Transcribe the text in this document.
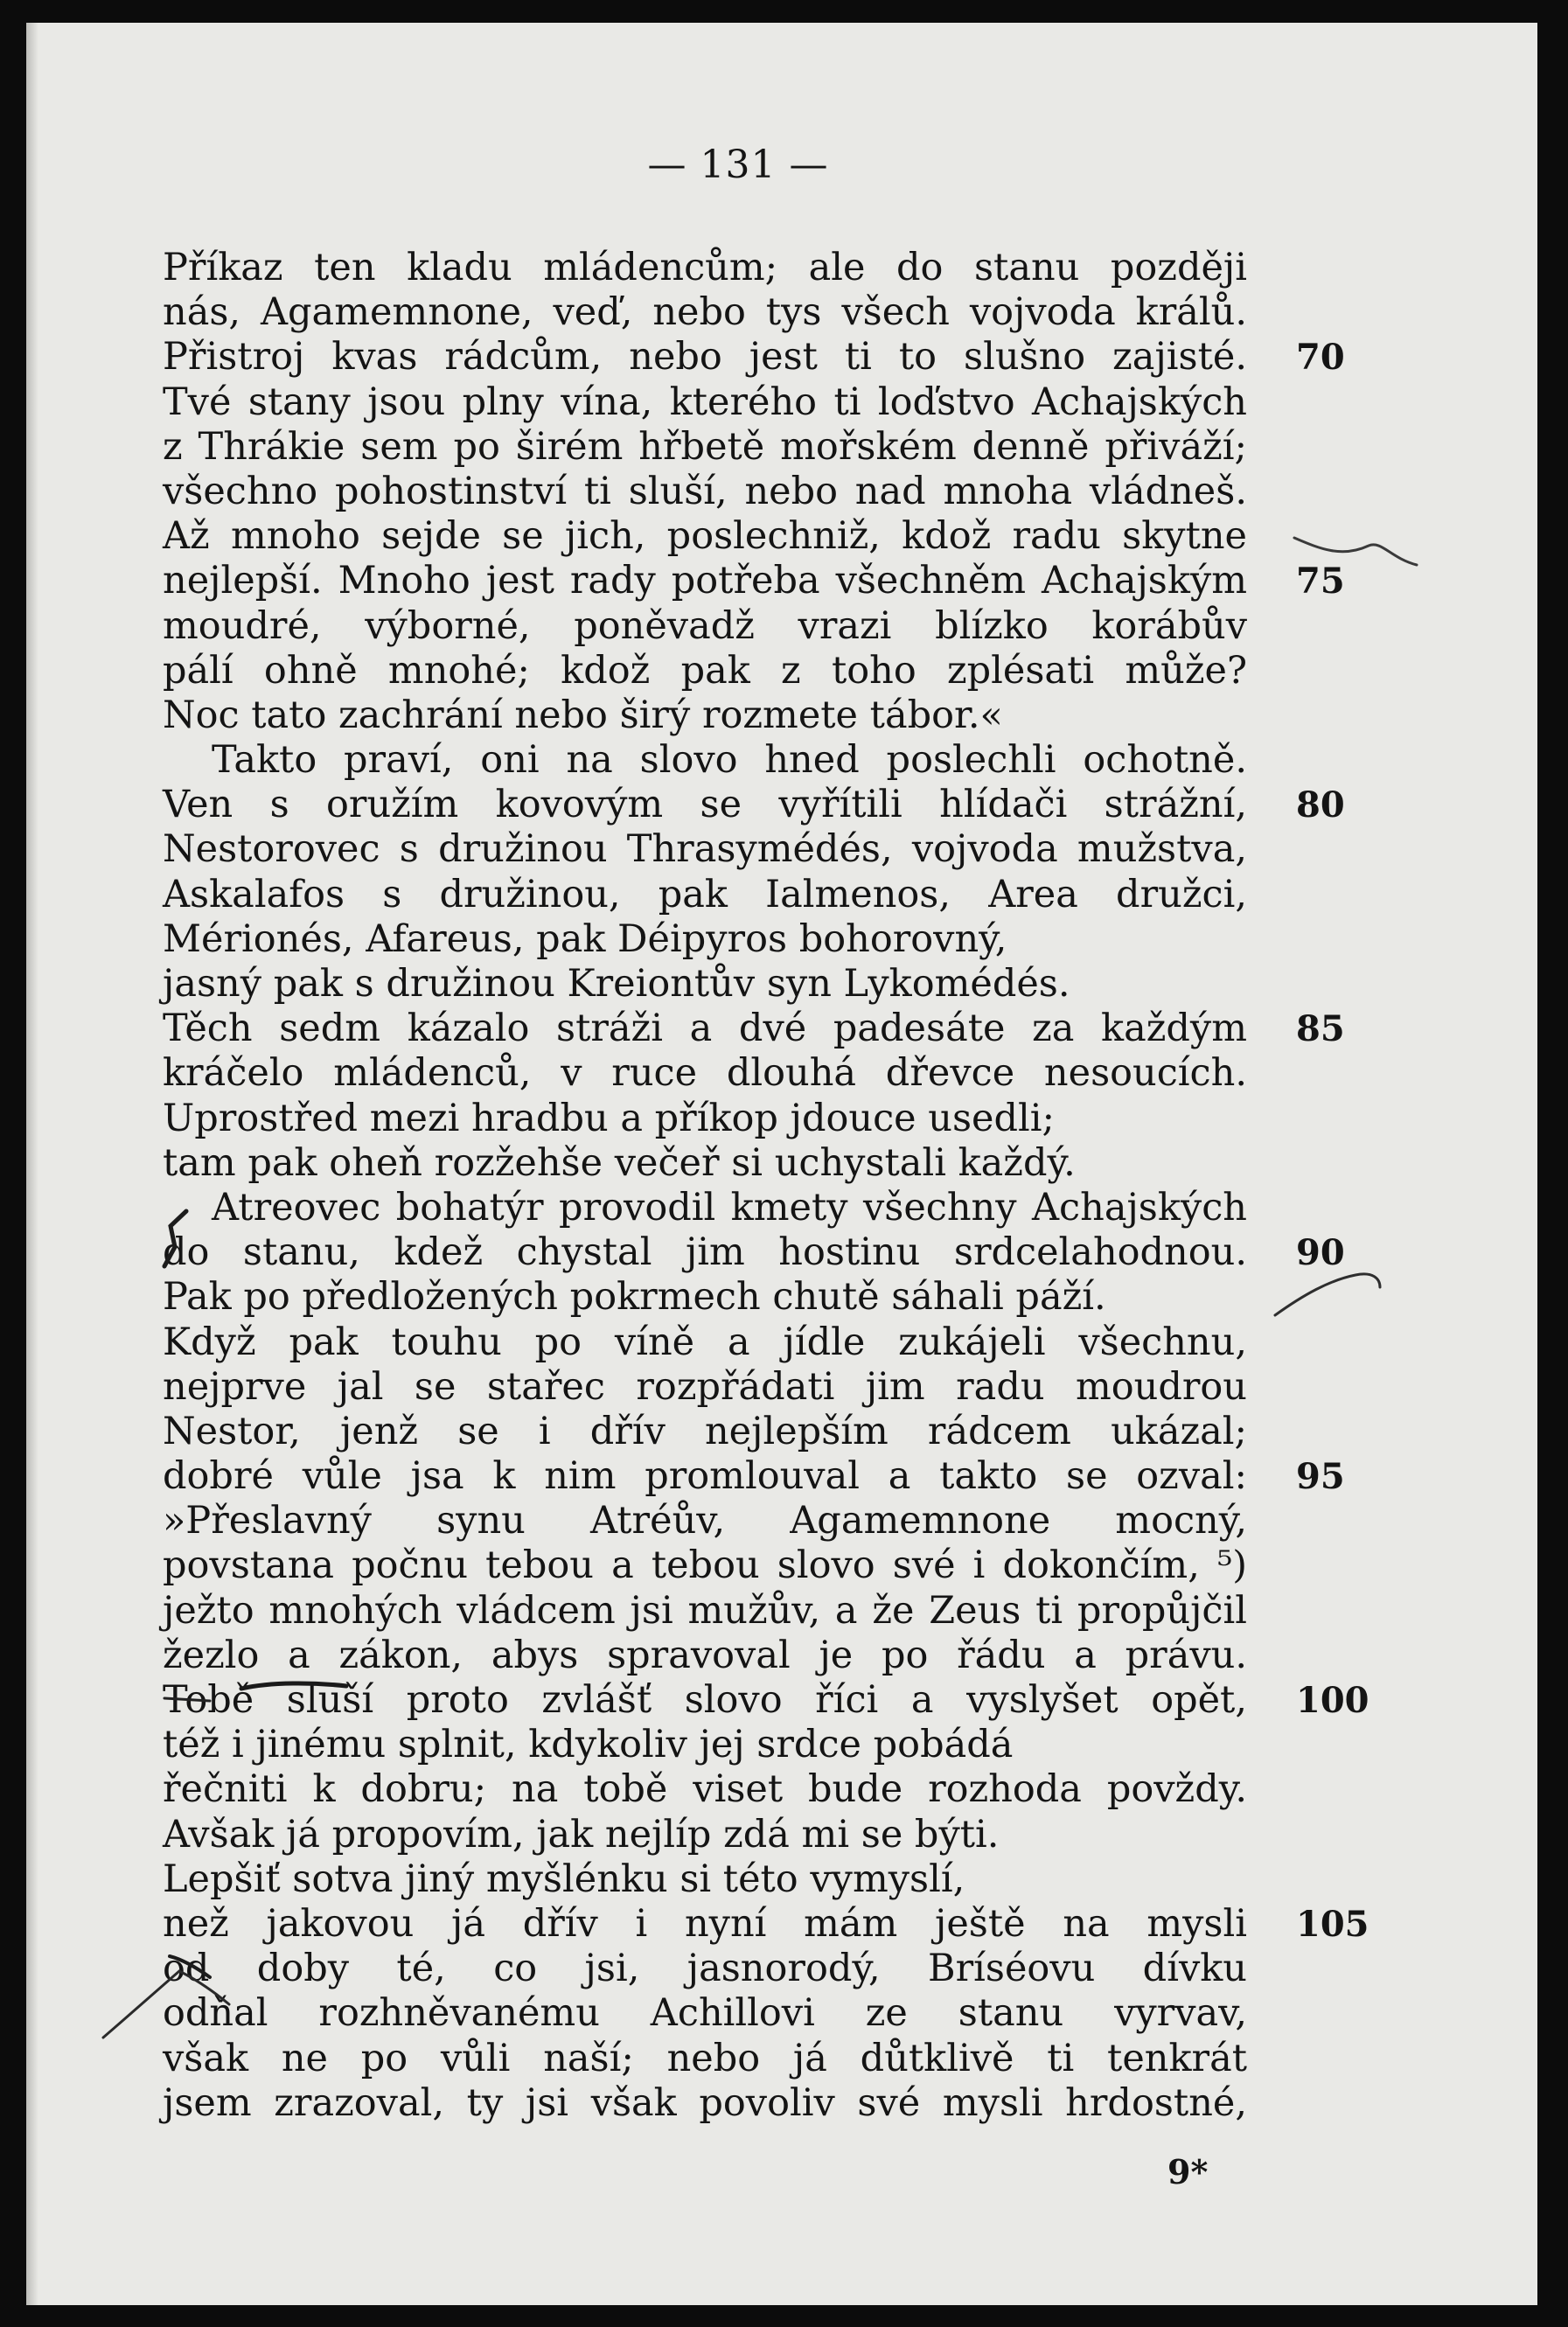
— 131 —
Příkaz ten kladu mládencům; ale do stanu později
nás, Agamemnone, veď, nebo tys všech vojvoda králů.
Přistroj kvas rádcům, nebo jest ti to slušno zajisté. 70
Tvé stany jsou plny vína, kterého ti loďstvo Achajských
z Thrákie sem po širém hřbetě mořském denně přiváží;
všechno pohostinství ti sluší, nebo nad mnoha vládneš.
Až mnoho sejde se jich, poslechniž, kdož radu skytne
nejlepší. Mnoho jest rady potřeba všechněm Achajským 75
moudré, výborné, poněvadž vrazi blízko korábův
pálí ohně mnohé; kdož pak z toho zplésati může?
Noc tato zachrání nebo širý rozmete tábor.«
Takto praví, oni na slovo hned poslechli ochotně.
Ven s oružím kovovým se vyřítili hlídači strážní, 80
Nestorovec s družinou Thrasymédés, vojvoda mužstva,
Askalafos s družinou, pak Ialmenos, Area družci,
Mérionés, Afareus, pak Déipyros bohorovný,
jasný pak s družinou Kreiontův syn Lykomédés.
Těch sedm kázalo stráži a dvé padesáte za každým 85
kráčelo mládenců, v ruce dlouhá dřevce nesoucích.
Uprostřed mezi hradbu a příkop jdouce usedli;
tam pak oheň rozžehše večeř si uchystali každý.
Atreovec bohatýr provodil kmety všechny Achajských
do stanu, kdež chystal jim hostinu srdcelahodnou. 90
Pak po předložených pokrmech chutě sáhali páží.
Když pak touhu po víně a jídle zukájeli všechnu,
nejprve jal se stařec rozpřádati jim radu moudrou
Nestor, jenž se i dřív nejlepším rádcem ukázal;
dobré vůle jsa k nim promlouval a takto se ozval: 95
»Přeslavný synu Atréův, Agamemnone mocný,
povstana počnu tebou a tebou slovo své i dokončím, ⁵)
ježto mnohých vládcem jsi mužův, a že Zeus ti propůjčil
žezlo a zákon, abys spravoval je po řádu a právu.
Tobě sluší proto zvlášť slovo říci a vyslyšet opět, 100
též i jinému splnit, kdykoliv jej srdce pobádá
řečniti k dobru; na tobě viset bude rozhoda povždy.
Avšak já propovím, jak nejlíp zdá mi se býti.
Lepšiť sotva jiný myšlénku si této vymyslí,
než jakovou já dřív i nyní mám ještě na mysli 105
od doby té, co jsi, jasnorodý, Bríséovu dívku
odňal rozhněvanému Achillovi ze stanu vyrvav,
však ne po vůli naší; nebo já důtklivě ti tenkrát
jsem zrazoval, ty jsi však povoliv své mysli hrdostné,
9*
